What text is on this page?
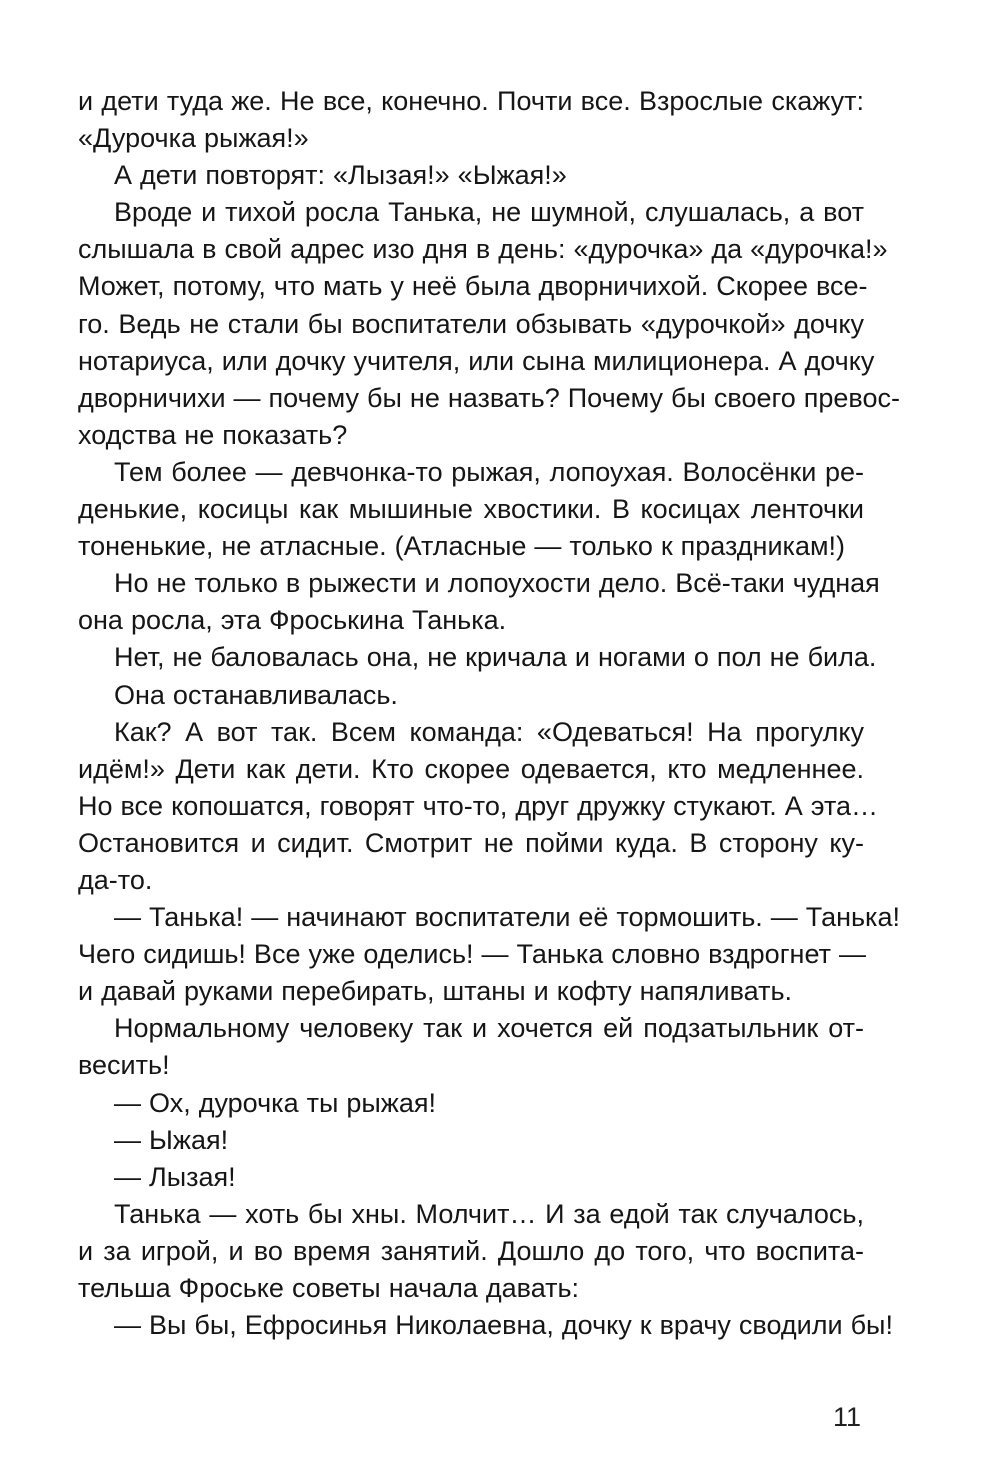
и дети туда же. Не все, конечно. Почти все. Взрослые скажут:
«Дурочка рыжая!»
А дети повторят: «Лызая!» «Ыжая!»
Вроде и тихой росла Танька, не шумной, слушалась, а вот
слышала в свой адрес изо дня в день: «дурочка» да «дурочка!»
Может, потому, что мать у неё была дворничихой. Скорее все-
го. Ведь не стали бы воспитатели обзывать «дурочкой» дочку
нотариуса, или дочку учителя, или сына милиционера. А дочку
дворничихи — почему бы не назвать? Почему бы своего превос-
ходства не показать?
Тем более — девчонка-то рыжая, лопоухая. Волосёнки ре-
денькие, косицы как мышиные хвостики. В косицах ленточки
тоненькие, не атласные. (Атласные — только к праздникам!)
Но не только в рыжести и лопоухости дело. Всё-таки чудная
она росла, эта Фроськина Танька.
Нет, не баловалась она, не кричала и ногами о пол не била.
Она останавливалась.
Как? А вот так. Всем команда: «Одеваться! На прогулку
идём!» Дети как дети. Кто скорее одевается, кто медленнее.
Но все копошатся, говорят что-то, друг дружку стукают. А эта…
Остановится и сидит. Смотрит не пойми куда. В сторону ку-
да-то.
— Танька! — начинают воспитатели её тормошить. — Танька!
Чего сидишь! Все уже оделись! — Танька словно вздрогнет —
и давай руками перебирать, штаны и кофту напяливать.
Нормальному человеку так и хочется ей подзатыльник от-
весить!
— Ох, дурочка ты рыжая!
— Ыжая!
— Лызая!
Танька — хоть бы хны. Молчит… И за едой так случалось,
и за игрой, и во время занятий. Дошло до того, что воспита-
тельша Фроське советы начала давать:
— Вы бы, Ефросинья Николаевна, дочку к врачу сводили бы!
11
